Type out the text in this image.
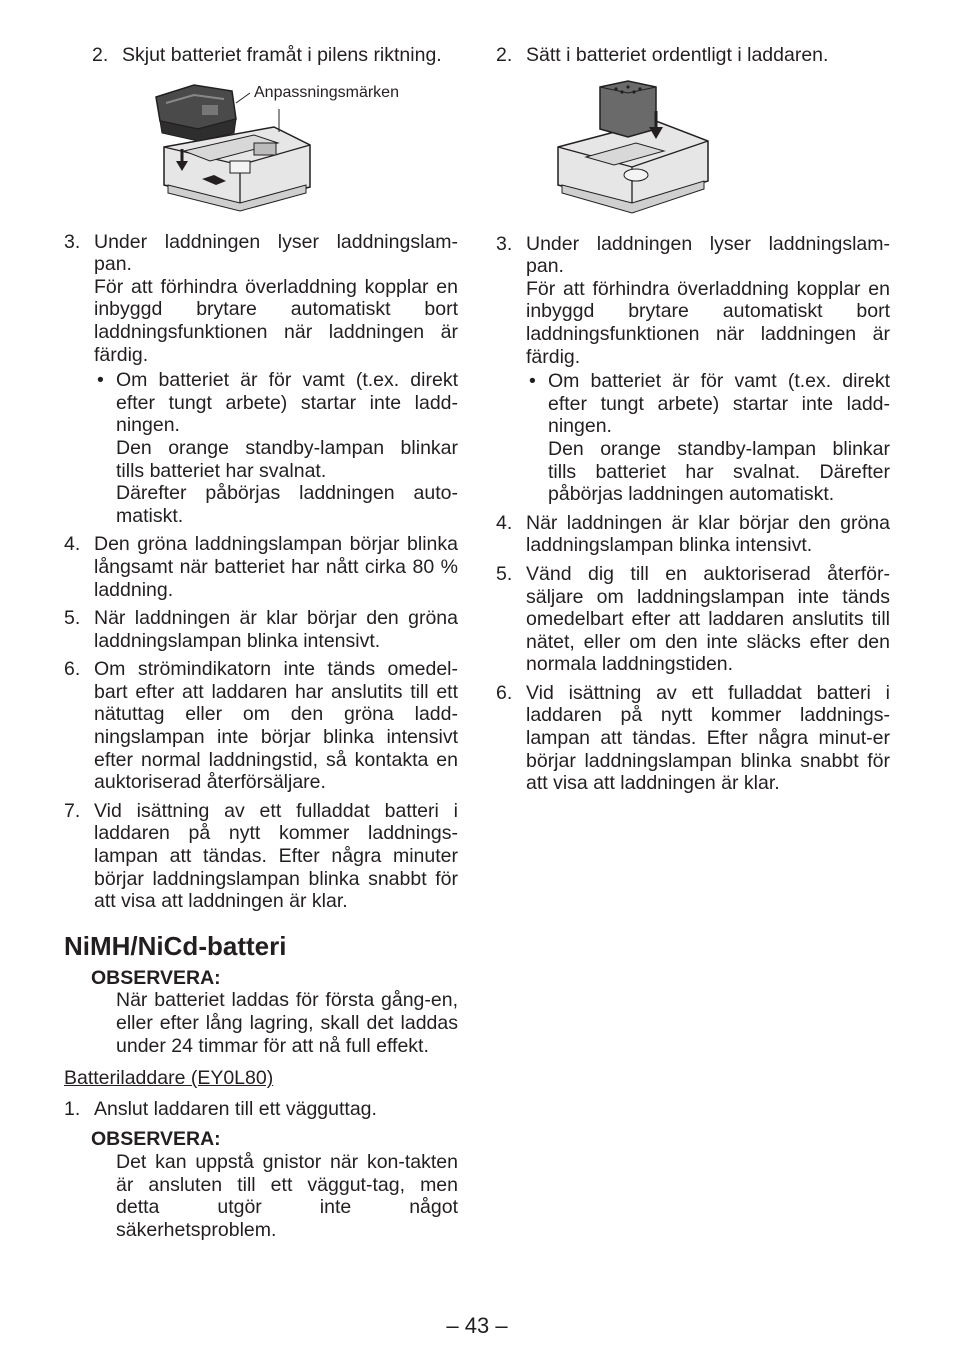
2. Skjut batteriet framåt i pilens riktning.

Anpassningsmärken
3. Under laddningen lyser laddningslam-pan.

För att förhindra överladdning kopplar en inbyggd brytare automatiskt bort laddningsfunktionen när laddningen är färdig.

• Om batteriet är för vamt (t.ex. direkt efter tungt arbete) startar inte ladd-ningen.

Den orange standby-lampan blinkar tills batteriet har svalnat.

Därefter påbörjas laddningen auto-matiskt.

4. Den gröna laddningslampan börjar blinka långsamt när batteriet har nått cirka 80 % laddning.

5. När laddningen är klar börjar den gröna laddningslampan blinka intensivt.

6. Om strömindikatorn inte tänds omedel-bart efter att laddaren har anslutits till ett nätuttag eller om den gröna ladd-ningslampan inte börjar blinka intensivt efter normal laddningstid, så kontakta en auktoriserad återförsäljare.

7. Vid isättning av ett fulladdat batteri i laddaren på nytt kommer laddnings-lampan att tändas. Efter några minuter börjar laddningslampan blinka snabbt för att visa att laddningen är klar.

NiMH/NiCd-batteri
OBSERVERA:
När batteriet laddas för första gång-en, eller efter lång lagring, skall det laddas under 24 timmar för att nå full effekt.
Batteriladdare (EY0L80)
1. Anslut laddaren till ett vägguttag.

OBSERVERA:
Det kan uppstå gnistor när kon-takten är ansluten till ett väggut-tag, men detta utgör inte något säkerhetsproblem.
2. Sätt i batteriet ordentligt i laddaren.

3. Under laddningen lyser laddningslam-pan.

För att förhindra överladdning kopplar en inbyggd brytare automatiskt bort laddningsfunktionen när laddningen är färdig.

• Om batteriet är för vamt (t.ex. direkt efter tungt arbete) startar inte ladd-ningen.

Den orange standby-lampan blinkar tills batteriet har svalnat. Därefter påbörjas laddningen automatiskt.

4. När laddningen är klar börjar den gröna laddningslampan blinka intensivt.

5. Vänd dig till en auktoriserad återför-säljare om laddningslampan inte tänds omedelbart efter att laddaren anslutits till nätet, eller om den inte släcks efter den normala laddningstiden.

6. Vid isättning av ett fulladdat batteri i laddaren på nytt kommer laddnings-lampan att tändas. Efter några minut-er börjar laddningslampan blinka snabbt för att visa att laddningen är klar.

– 43 –
